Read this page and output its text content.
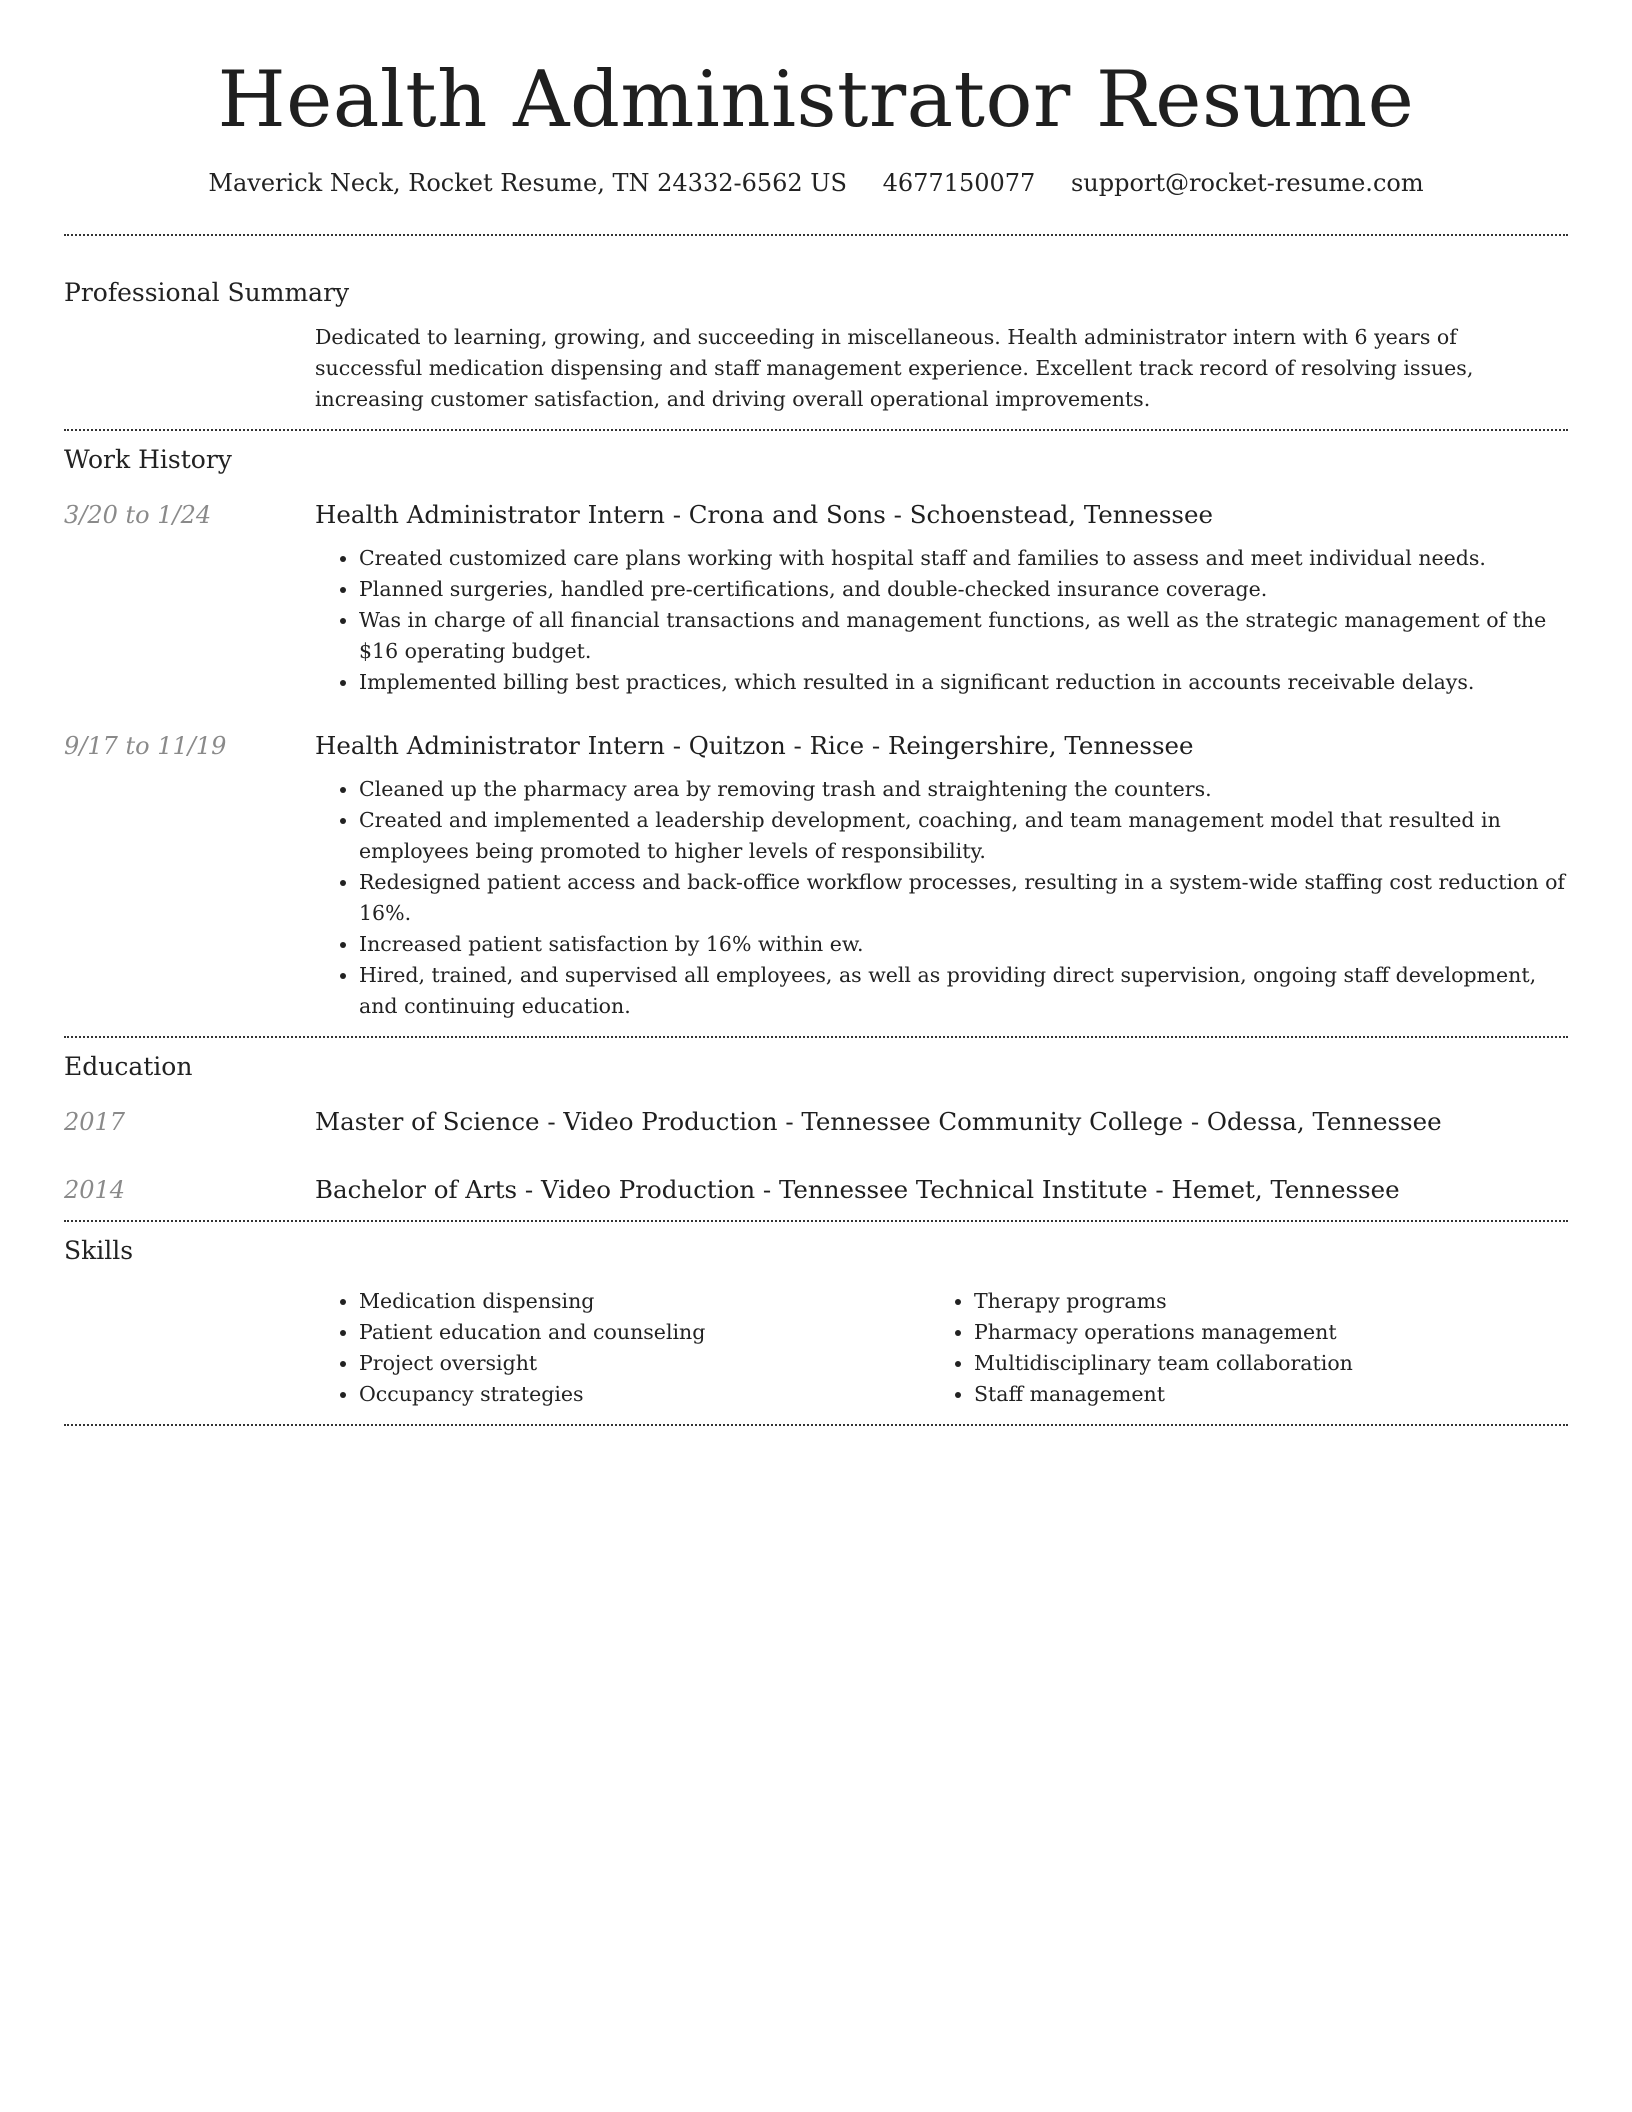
Health Administrator Resume
Maverick Neck, Rocket Resume, TN 24332-6562 US 4677150077 support@rocket-resume.com
Professional Summary
Dedicated to learning, growing, and succeeding in miscellaneous. Health administrator intern with 6 years of successful medication dispensing and staff management experience. Excellent track record of resolving issues, increasing customer satisfaction, and driving overall operational improvements.
Work History
3/20 to 1/24	Health Administrator Intern - Crona and Sons - Schoenstead, Tennessee
• Created customized care plans working with hospital staff and families to assess and meet individual needs.
• Planned surgeries, handled pre-certifications, and double-checked insurance coverage.
• Was in charge of all financial transactions and management functions, as well as the strategic management of the $16 operating budget.
• Implemented billing best practices, which resulted in a significant reduction in accounts receivable delays.
9/17 to 11/19	Health Administrator Intern - Quitzon - Rice - Reingershire, Tennessee
• Cleaned up the pharmacy area by removing trash and straightening the counters.
• Created and implemented a leadership development, coaching, and team management model that resulted in employees being promoted to higher levels of responsibility.
• Redesigned patient access and back-office workflow processes, resulting in a system-wide staffing cost reduction of 16%.
• Increased patient satisfaction by 16% within ew.
• Hired, trained, and supervised all employees, as well as providing direct supervision, ongoing staff development, and continuing education.
Education
2017	Master of Science - Video Production - Tennessee Community College - Odessa, Tennessee
2014	Bachelor of Arts - Video Production - Tennessee Technical Institute - Hemet, Tennessee
Skills
• Medication dispensing
• Patient education and counseling
• Project oversight
• Occupancy strategies
• Therapy programs
• Pharmacy operations management
• Multidisciplinary team collaboration
• Staff management
